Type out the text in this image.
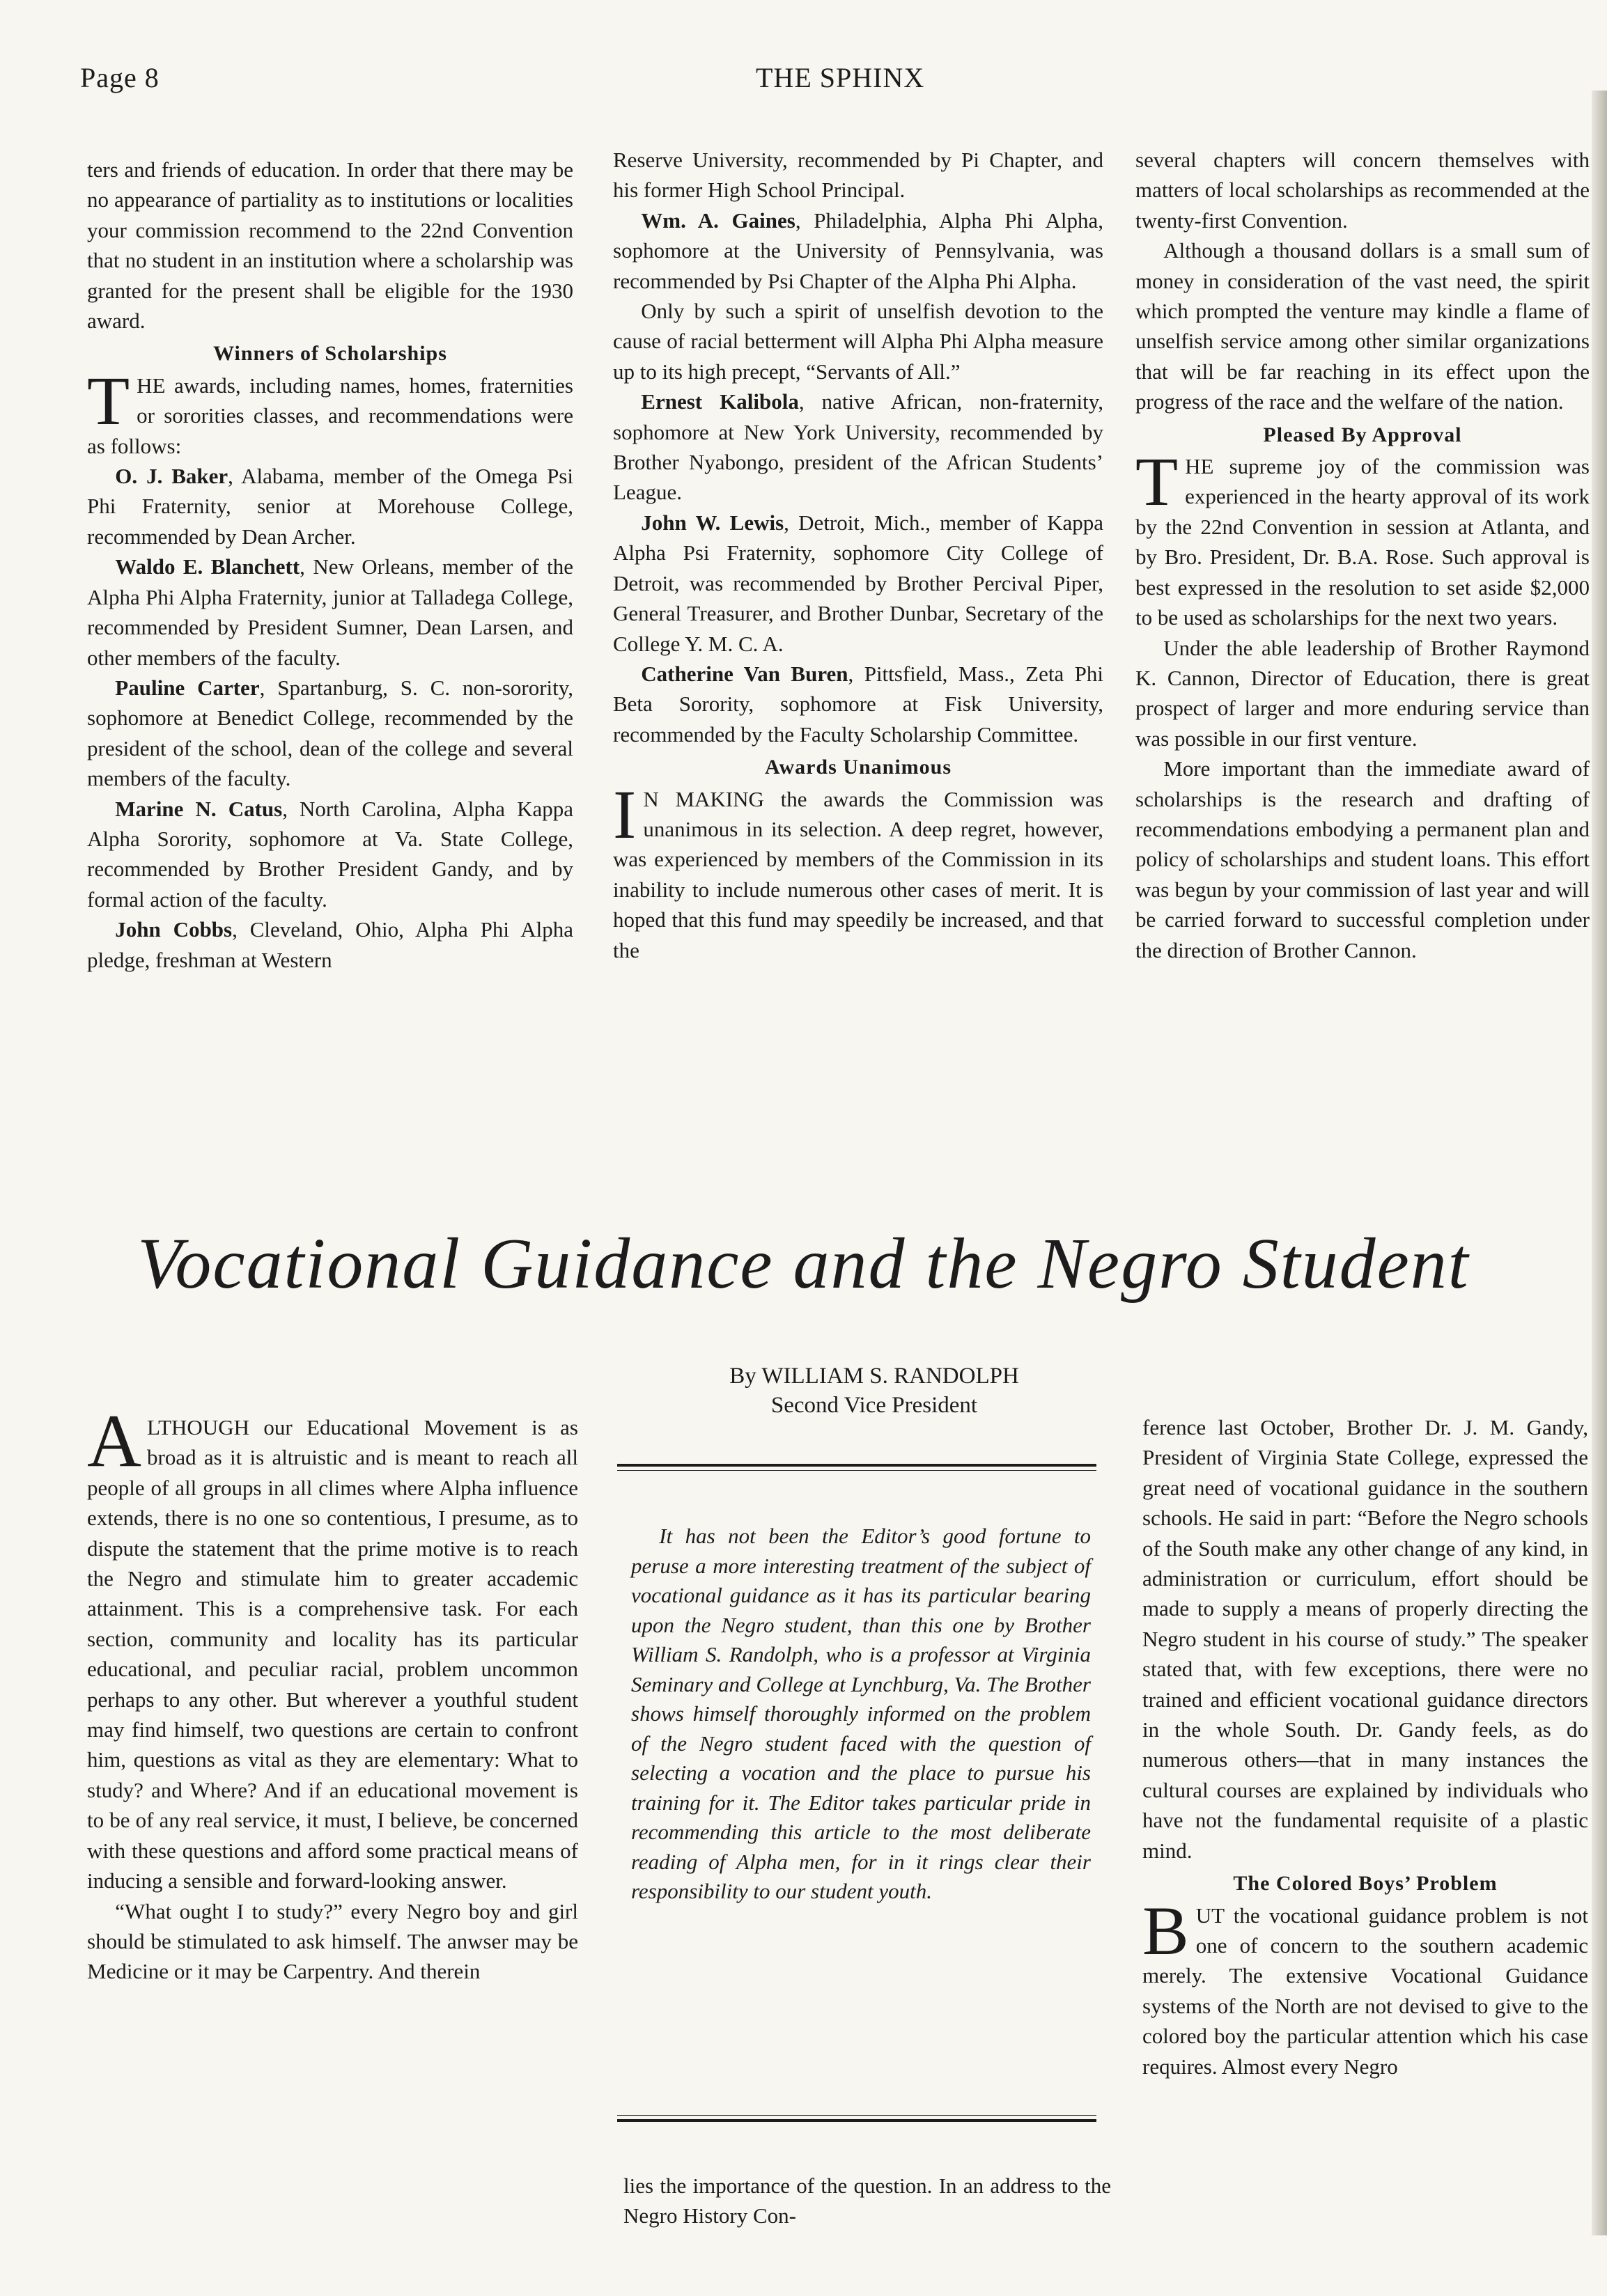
Page 8	THE SPHINX

ters and friends of education. In order that there may be no appearance of partiality as to institutions or localities your commission recommend to the 22nd Convention that no student in an institution where a scholarship was granted for the present shall be eligible for the 1930 award.

Winners of Scholarships

THE awards, including names, homes, fraternities or sororities classes, and recommendations were as follows:

O. J. Baker, Alabama, member of the Omega Psi Phi Fraternity, senior at Morehouse College, recommended by Dean Archer.

Waldo E. Blanchett, New Orleans, member of the Alpha Phi Alpha Fraternity, junior at Talladega College, recommended by President Sumner, Dean Larsen, and other members of the faculty.

Pauline Carter, Spartanburg, S. C. non-sorority, sophomore at Benedict College, recommended by the president of the school, dean of the college and several members of the faculty.

Marine N. Catus, North Carolina, Alpha Kappa Alpha Sorority, sophomore at Va. State College, recommended by Brother President Gandy, and by formal action of the faculty.

John Cobbs, Cleveland, Ohio, Alpha Phi Alpha pledge, freshman at Western

Reserve University, recommended by Pi Chapter, and his former High School Principal.

Wm. A. Gaines, Philadelphia, Alpha Phi Alpha, sophomore at the University of Pennsylvania, was recommended by Psi Chapter of the Alpha Phi Alpha.

Only by such a spirit of unselfish devotion to the cause of racial betterment will Alpha Phi Alpha measure up to its high precept, “Servants of All.”

Ernest Kalibola, native African, non-fraternity, sophomore at New York University, recommended by Brother Nyabongo, president of the African Students’ League.

John W. Lewis, Detroit, Mich., member of Kappa Alpha Psi Fraternity, sophomore City College of Detroit, was recommended by Brother Percival Piper, General Treasurer, and Brother Dunbar, Secretary of the College Y. M. C. A.

Catherine Van Buren, Pittsfield, Mass., Zeta Phi Beta Sorority, sophomore at Fisk University, recommended by the Faculty Scholarship Committee.

Awards Unanimous

I N MAKING the awards the Commission was unanimous in its selection. A deep regret, however, was experienced by members of the Commission in its inability to include numerous other cases of merit. It is hoped that this fund may speedily be increased, and that the

several chapters will concern themselves with matters of local scholarships as recommended at the twenty-first Convention.

Although a thousand dollars is a small sum of money in consideration of the vast need, the spirit which prompted the venture may kindle a flame of unselfish service among other similar organizations that will be far reaching in its effect upon the progress of the race and the welfare of the nation.

Pleased By Approval

THE supreme joy of the commission was experienced in the hearty approval of its work by the 22nd Convention in session at Atlanta, and by Bro. President, Dr. B.A. Rose. Such approval is best expressed in the resolution to set aside $2,000 to be used as scholarships for the next two years.

Under the able leadership of Brother Raymond K. Cannon, Director of Education, there is great prospect of larger and more enduring service than was possible in our first venture.

More important than the immediate award of scholarships is the research and drafting of recommendations embodying a permanent plan and policy of scholarships and student loans. This effort was begun by your commission of last year and will be carried forward to successful completion under the direction of Brother Cannon.

Vocational Guidance and the Negro Student
By WILLIAM S. RANDOLPH
Second Vice President
It has not been the Editor’s good fortune to peruse a more interesting treatment of the subject of vocational guidance as it has its particular bearing upon the Negro student, than this one by Brother William S. Randolph, who is a professor at Virginia Seminary and College at Lynchburg, Va. The Brother shows himself thoroughly informed on the problem of the Negro student faced with the question of selecting a vocation and the place to pursue his training for it. The Editor takes particular pride in recommending this article to the most deliberate reading of Alpha men, for in it rings clear their responsibility to our student youth.

ALTHOUGH our Educational Movement is as broad as it is altruistic and is meant to reach all people of all groups in all climes where Alpha influence extends, there is no one so contentious, I presume, as to dispute the statement that the prime motive is to reach the Negro and stimulate him to greater accademic attainment. This is a comprehensive task. For each section, community and locality has its particular educational, and peculiar racial, problem uncommon perhaps to any other. But wherever a youthful student may find himself, two questions are certain to confront him, questions as vital as they are elementary: What to study? and Where? And if an educational movement is to be of any real service, it must, I believe, be concerned with these questions and afford some practical means of inducing a sensible and forward-looking answer.

“What ought I to study?” every Negro boy and girl should be stimulated to ask himself. The anwser may be Medicine or it may be Carpentry. And therein

lies the importance of the question. In an address to the Negro History Con-

ference last October, Brother Dr. J. M. Gandy, President of Virginia State College, expressed the great need of vocational guidance in the southern schools. He said in part: “Before the Negro schools of the South make any other change of any kind, in administration or curriculum, effort should be made to supply a means of properly directing the Negro student in his course of study.” The speaker stated that, with few exceptions, there were no trained and efficient vocational guidance directors in the whole South. Dr. Gandy feels, as do numerous others—that in many instances the cultural courses are explained by individuals who have not the fundamental requisite of a plastic mind.

The Colored Boys’ Problem

BUT the vocational guidance problem is not one of concern to the southern academic merely. The extensive Vocational Guidance systems of the North are not devised to give to the colored boy the particular attention which his case requires. Almost every Negro
